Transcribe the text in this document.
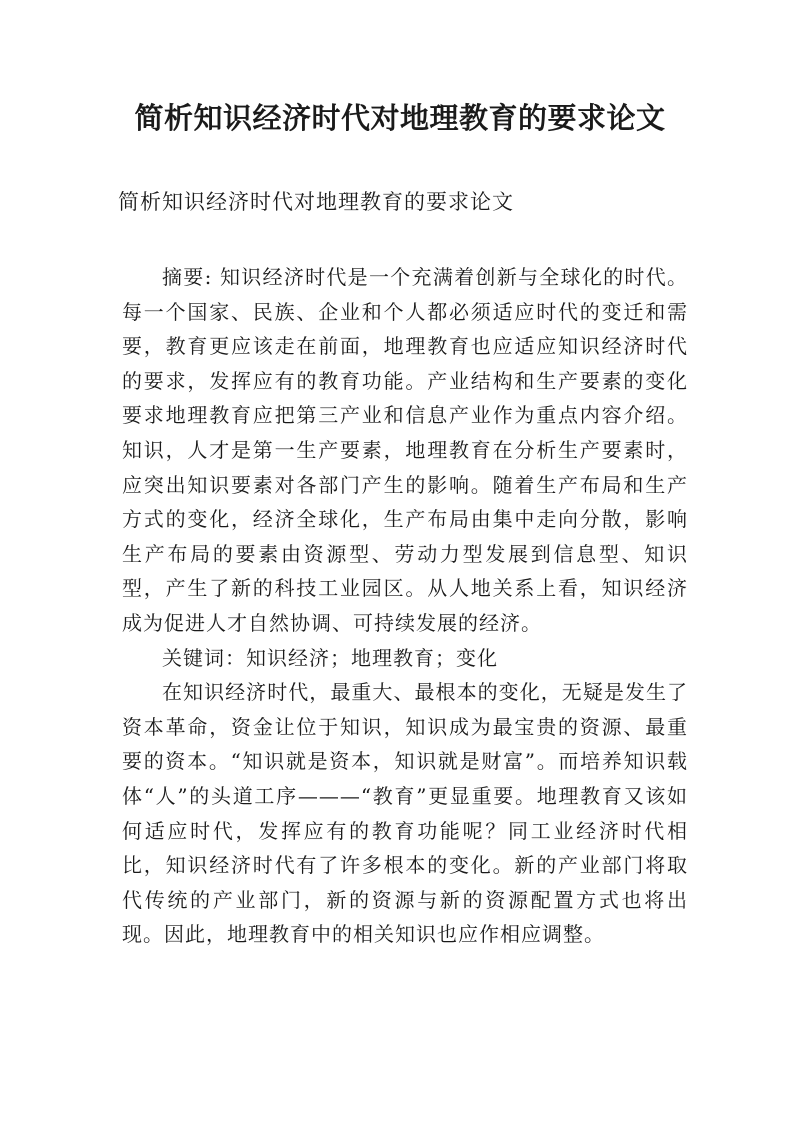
简析知识经济时代对地理教育的要求论文
简析知识经济时代对地理教育的要求论文

摘要: 知识经济时代是一个充满着创新与全球化的时代。每一个国家、民族、企业和个人都必须适应时代的变迁和需要，教育更应该走在前面，地理教育也应适应知识经济时代的要求，发挥应有的教育功能。产业结构和生产要素的变化要求地理教育应把第三产业和信息产业作为重点内容介绍。知识，人才是第一生产要素，地理教育在分析生产要素时，应突出知识要素对各部门产生的影响。随着生产布局和生产方式的变化，经济全球化，生产布局由集中走向分散，影响生产布局的要素由资源型、劳动力型发展到信息型、知识型，产生了新的科技工业园区。从人地关系上看，知识经济成为促进人才自然协调、可持续发展的经济。

关键词：知识经济；地理教育；变化

在知识经济时代，最重大、最根本的变化，无疑是发生了资本革命，资金让位于知识，知识成为最宝贵的资源、最重要的资本。“知识就是资本，知识就是财富”。而培养知识载体“人”的头道工序———“教育”更显重要。地理教育又该如何适应时代，发挥应有的教育功能呢？同工业经济时代相比，知识经济时代有了许多根本的变化。新的产业部门将取代传统的产业部门，新的资源与新的资源配置方式也将出现。因此，地理教育中的相关知识也应作相应调整。
